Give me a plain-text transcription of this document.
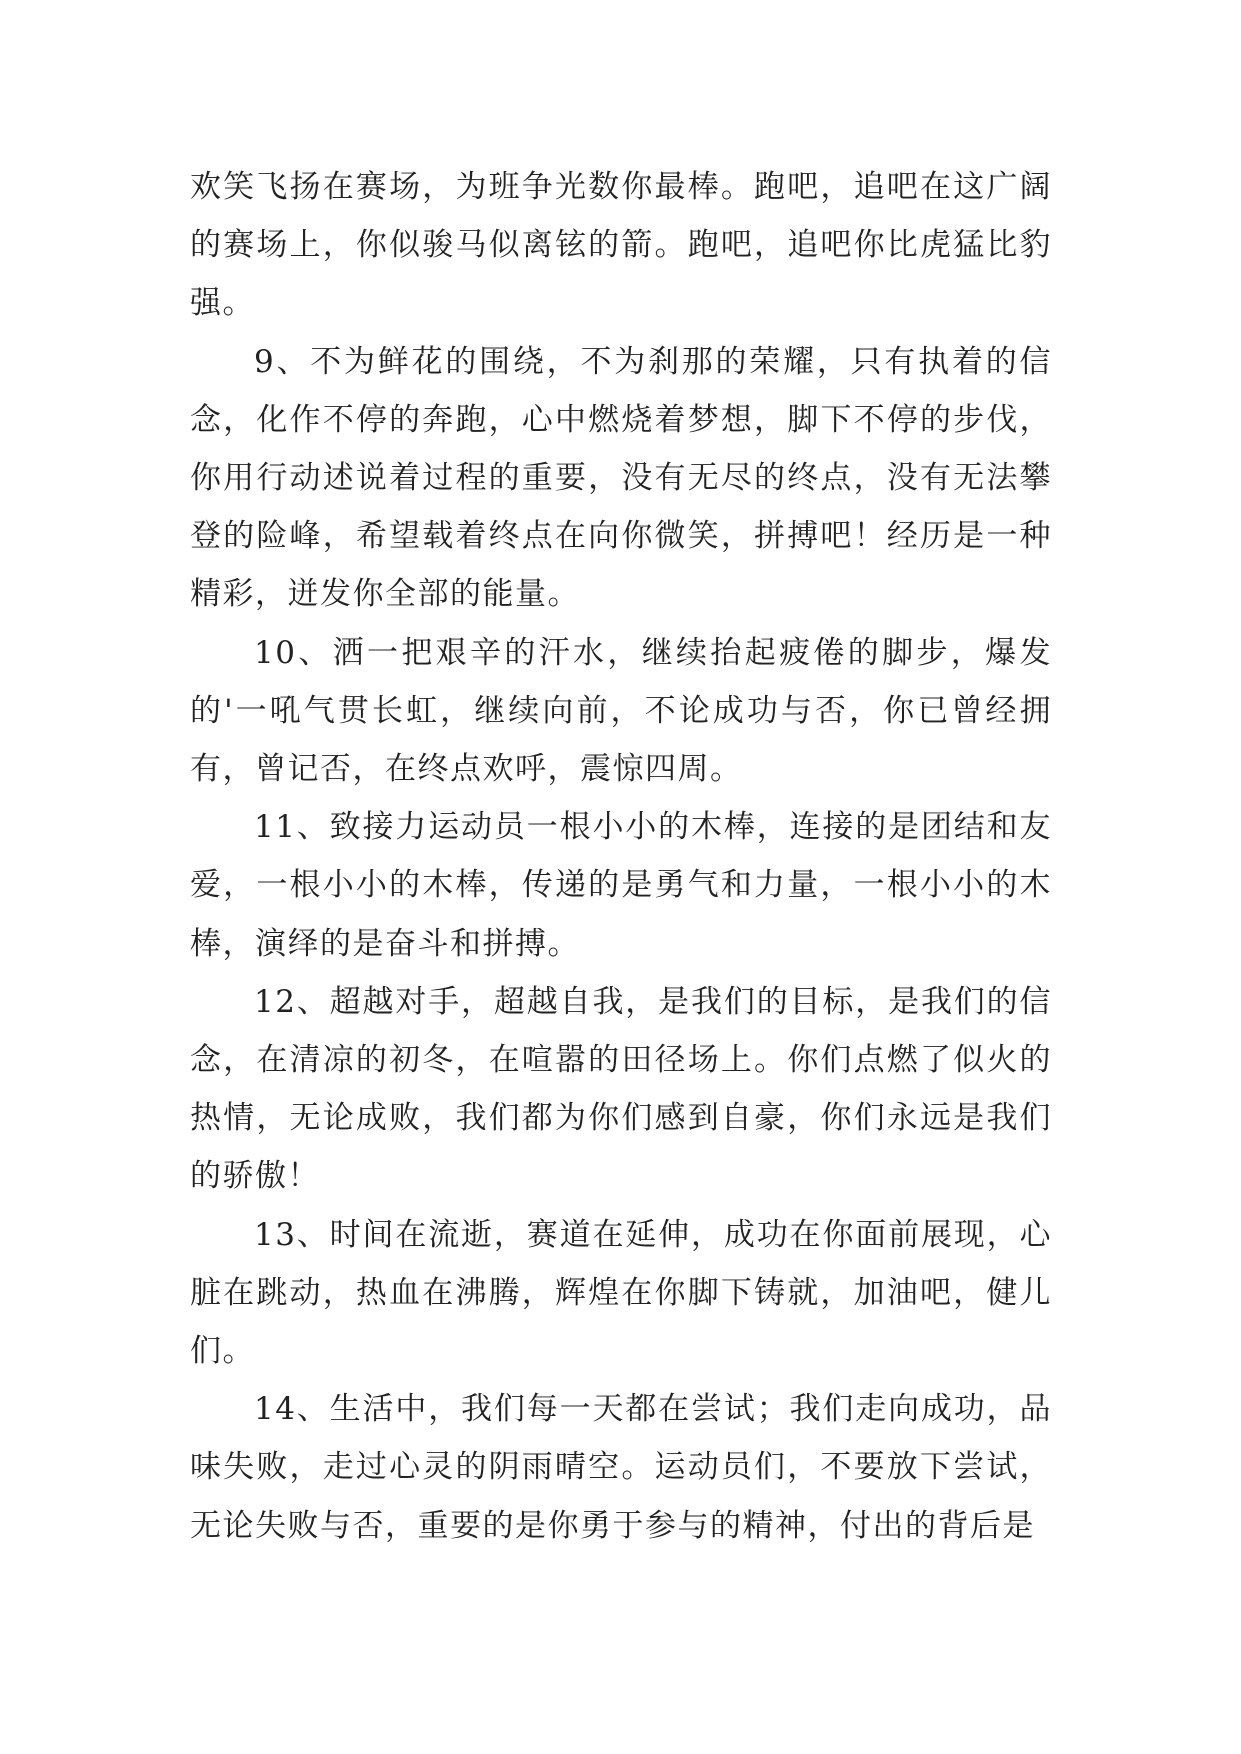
欢笑飞扬在赛场，为班争光数你最棒。跑吧，追吧在这广阔的赛场上，你似骏马似离铉的箭。跑吧，追吧你比虎猛比豹强。

9、不为鲜花的围绕，不为刹那的荣耀，只有执着的信念，化作不停的奔跑，心中燃烧着梦想，脚下不停的步伐，你用行动述说着过程的重要，没有无尽的终点，没有无法攀登的险峰，希望载着终点在向你微笑，拼搏吧！经历是一种精彩，迸发你全部的能量。

10、洒一把艰辛的汗水，继续抬起疲倦的脚步，爆发的'一吼气贯长虹，继续向前，不论成功与否，你已曾经拥有，曾记否，在终点欢呼，震惊四周。

11、致接力运动员一根小小的木棒，连接的是团结和友爱，一根小小的木棒，传递的是勇气和力量，一根小小的木棒，演绎的是奋斗和拼搏。

12、超越对手，超越自我，是我们的目标，是我们的信念，在清凉的初冬，在喧嚣的田径场上。你们点燃了似火的热情，无论成败，我们都为你们感到自豪，你们永远是我们的骄傲！

13、时间在流逝，赛道在延伸，成功在你面前展现，心脏在跳动，热血在沸腾，辉煌在你脚下铸就，加油吧，健儿们。

14、生活中，我们每一天都在尝试；我们走向成功，品味失败，走过心灵的阴雨晴空。运动员们，不要放下尝试，无论失败与否，重要的是你勇于参与的精神，付出的背后是
